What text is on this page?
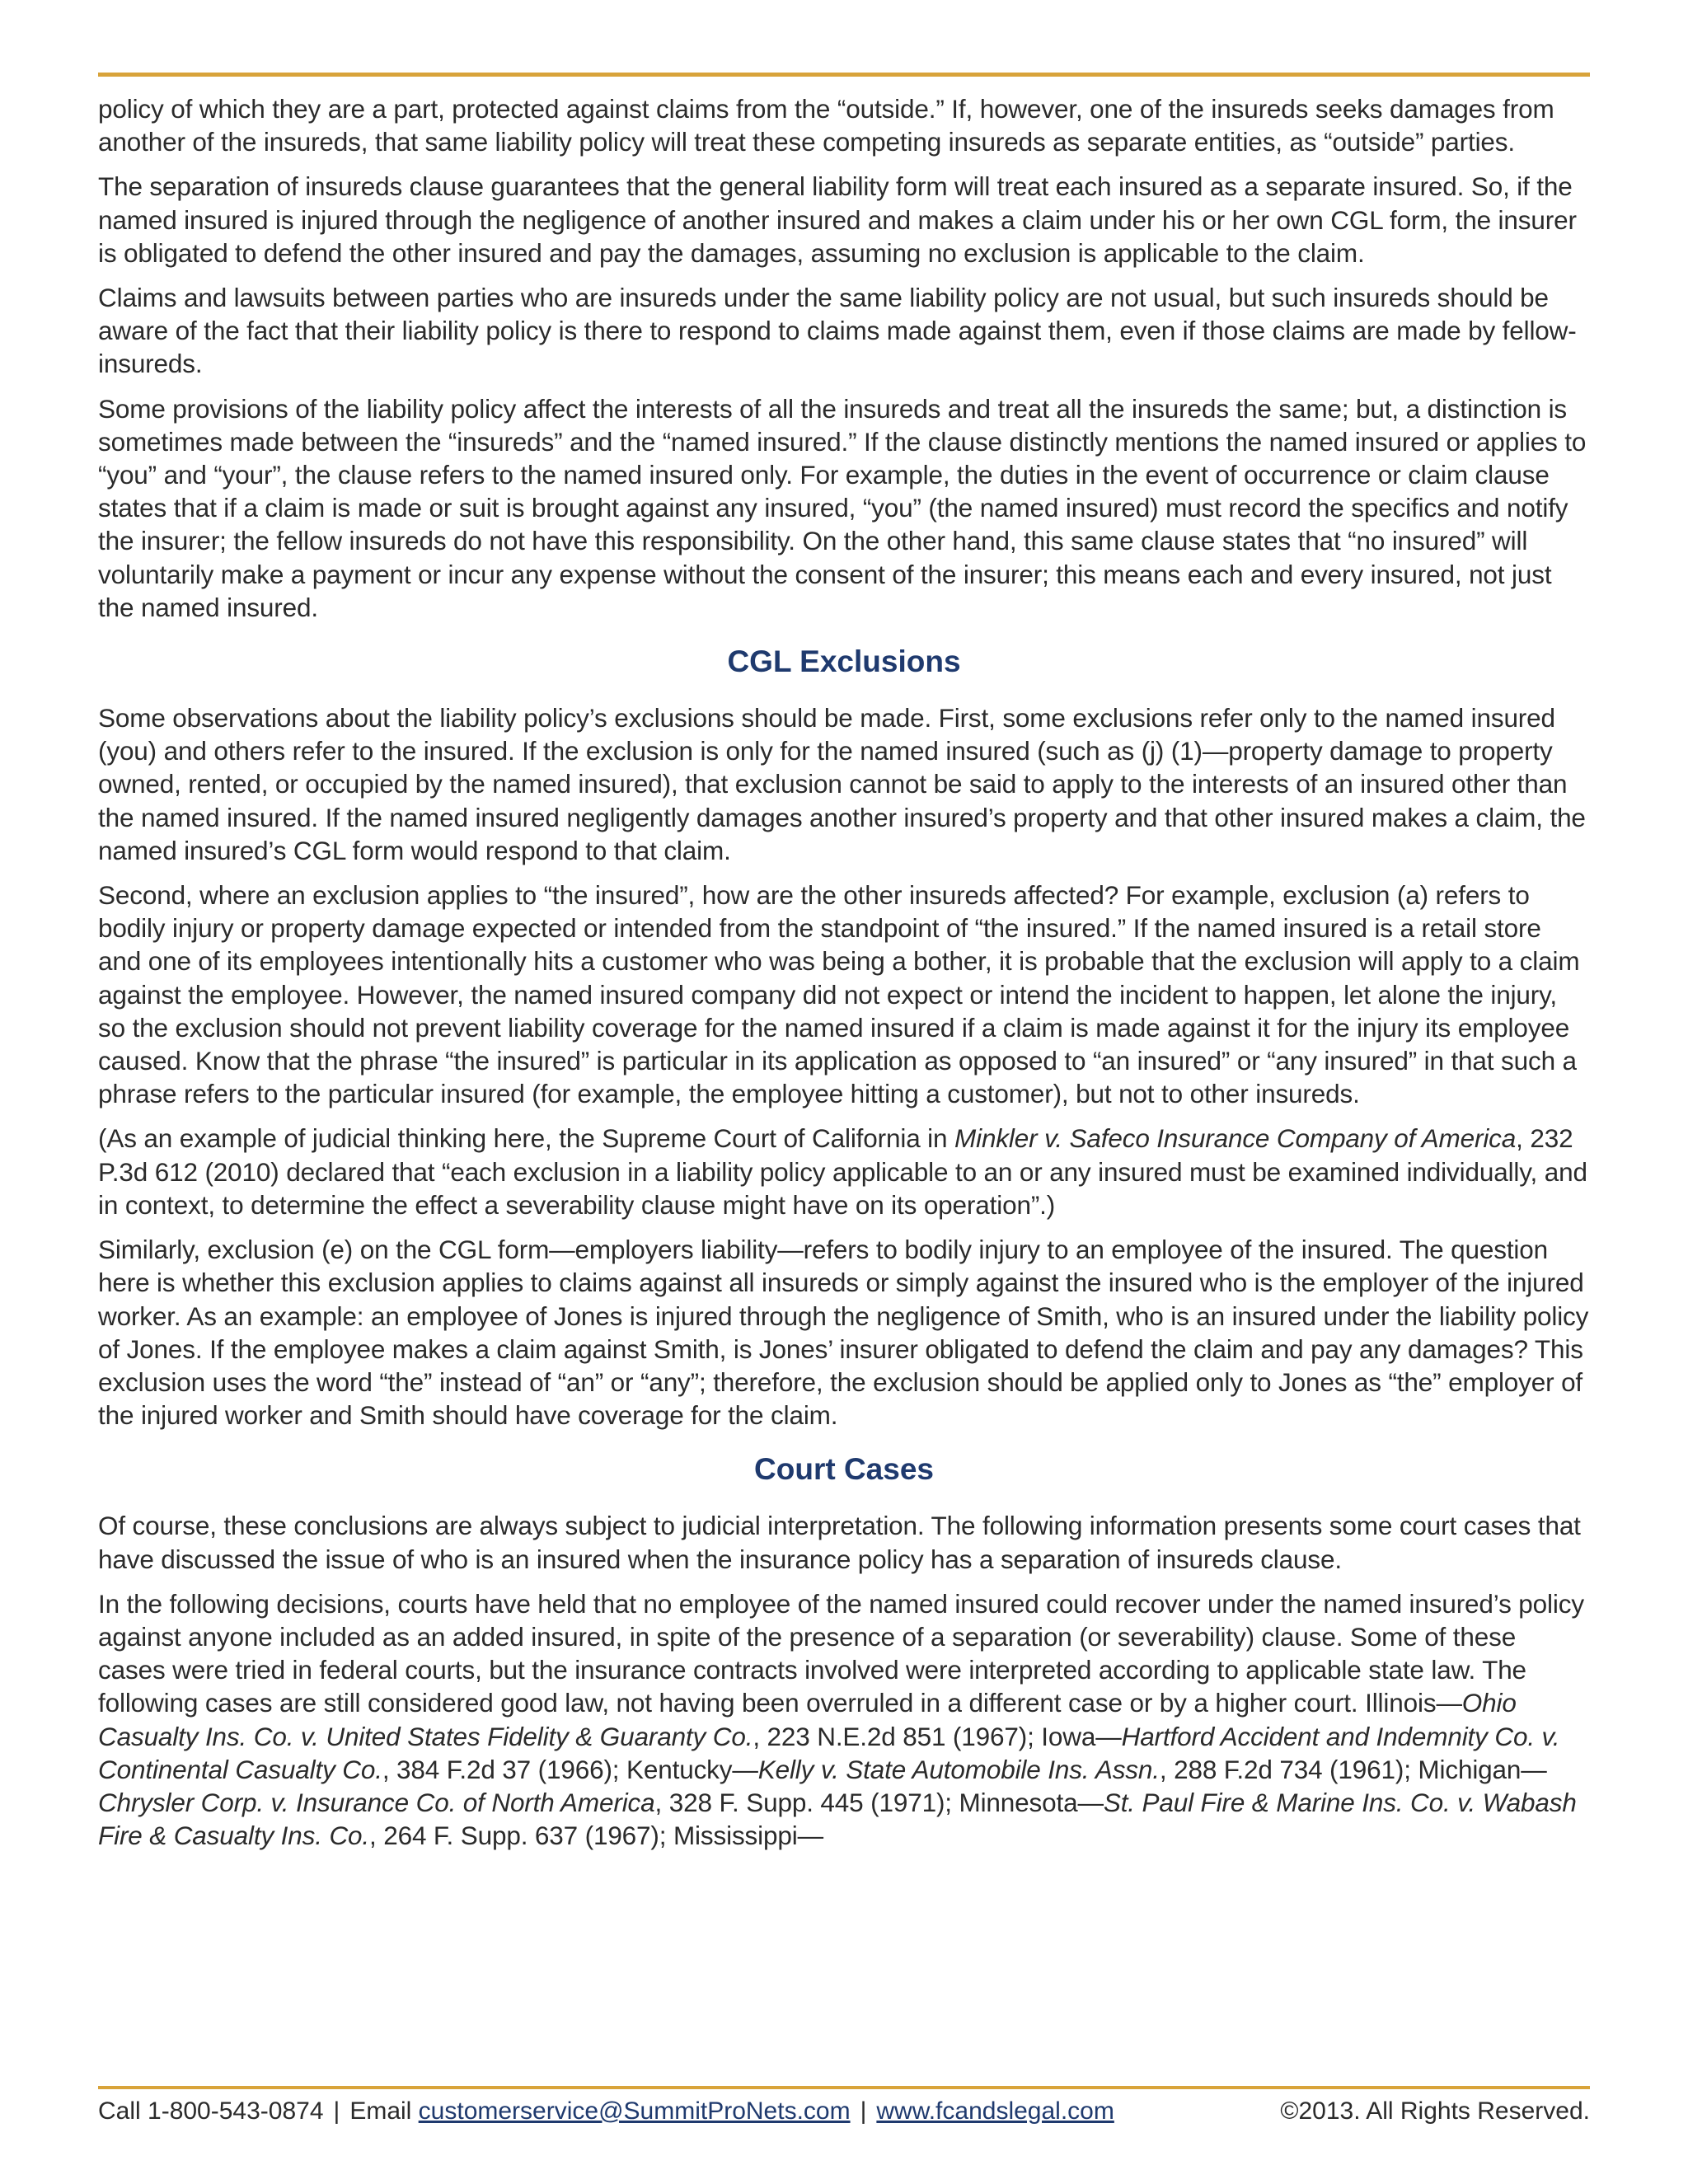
policy of which they are a part, protected against claims from the “outside.” If, however, one of the insureds seeks damages from another of the insureds, that same liability policy will treat these competing insureds as separate entities, as “outside” parties.

The separation of insureds clause guarantees that the general liability form will treat each insured as a separate insured. So, if the named insured is injured through the negligence of another insured and makes a claim under his or her own CGL form, the insurer is obligated to defend the other insured and pay the damages, assuming no exclusion is applicable to the claim.

Claims and lawsuits between parties who are insureds under the same liability policy are not usual, but such insureds should be aware of the fact that their liability policy is there to respond to claims made against them, even if those claims are made by fellow-insureds.

Some provisions of the liability policy affect the interests of all the insureds and treat all the insureds the same; but, a distinction is sometimes made between the “insureds” and the “named insured.” If the clause distinctly mentions the named insured or applies to “you” and “your”, the clause refers to the named insured only. For example, the duties in the event of occurrence or claim clause states that if a claim is made or suit is brought against any insured, “you” (the named insured) must record the specifics and notify the insurer; the fellow insureds do not have this responsibility. On the other hand, this same clause states that “no insured” will voluntarily make a payment or incur any expense without the consent of the insurer; this means each and every insured, not just the named insured.

CGL Exclusions

Some observations about the liability policy’s exclusions should be made. First, some exclusions refer only to the named insured (you) and others refer to the insured. If the exclusion is only for the named insured (such as (j) (1)—property damage to property owned, rented, or occupied by the named insured), that exclusion cannot be said to apply to the interests of an insured other than the named insured. If the named insured negligently damages another insured’s property and that other insured makes a claim, the named insured’s CGL form would respond to that claim.

Second, where an exclusion applies to “the insured”, how are the other insureds affected? For example, exclusion (a) refers to bodily injury or property damage expected or intended from the standpoint of “the insured.” If the named insured is a retail store and one of its employees intentionally hits a customer who was being a bother, it is probable that the exclusion will apply to a claim against the employee. However, the named insured company did not expect or intend the incident to happen, let alone the injury, so the exclusion should not prevent liability coverage for the named insured if a claim is made against it for the injury its employee caused. Know that the phrase “the insured” is particular in its application as opposed to “an insured” or “any insured” in that such a phrase refers to the particular insured (for example, the employee hitting a customer), but not to other insureds.

(As an example of judicial thinking here, the Supreme Court of California in Minkler v. Safeco Insurance Company of America, 232 P.3d 612 (2010) declared that “each exclusion in a liability policy applicable to an or any insured must be examined individually, and in context, to determine the effect a severability clause might have on its operation”.)

Similarly, exclusion (e) on the CGL form—employers liability—refers to bodily injury to an employee of the insured. The question here is whether this exclusion applies to claims against all insureds or simply against the insured who is the employer of the injured worker. As an example: an employee of Jones is injured through the negligence of Smith, who is an insured under the liability policy of Jones. If the employee makes a claim against Smith, is Jones’ insurer obligated to defend the claim and pay any damages? This exclusion uses the word “the” instead of “an” or “any”; therefore, the exclusion should be applied only to Jones as “the” employer of the injured worker and Smith should have coverage for the claim.

Court Cases

Of course, these conclusions are always subject to judicial interpretation. The following information presents some court cases that have discussed the issue of who is an insured when the insurance policy has a separation of insureds clause.

In the following decisions, courts have held that no employee of the named insured could recover under the named insured’s policy against anyone included as an added insured, in spite of the presence of a separation (or severability) clause. Some of these cases were tried in federal courts, but the insurance contracts involved were interpreted according to applicable state law. The following cases are still considered good law, not having been overruled in a different case or by a higher court. Illinois—Ohio Casualty Ins. Co. v. United States Fidelity & Guaranty Co., 223 N.E.2d 851 (1967); Iowa—Hartford Accident and Indemnity Co. v. Continental Casualty Co., 384 F.2d 37 (1966); Kentucky—Kelly v. State Automobile Ins. Assn., 288 F.2d 734 (1961); Michigan—Chrysler Corp. v. Insurance Co. of North America, 328 F. Supp. 445 (1971); Minnesota—St. Paul Fire & Marine Ins. Co. v. Wabash Fire & Casualty Ins. Co., 264 F. Supp. 637 (1967); Mississippi—

Call 1-800-543-0874 | Email customerservice@SummitProNets.com | www.fcandslegal.com	©2013. All Rights Reserved.
